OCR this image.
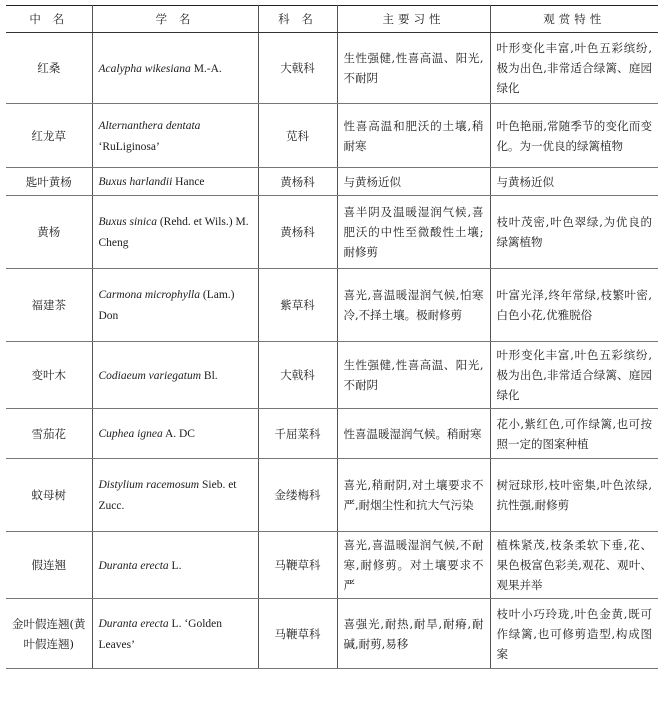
中 名	学 名	科 名	主要习性	观赏特性
红桑	Acalypha wikesiana M.-A.	大戟科	生性强健,性喜高温、阳光,不耐阴	叶形变化丰富,叶色五彩缤纷,极为出色,非常适合绿篱、庭园绿化
红龙草	Alternanthera dentata ‘RuLiginosa’	苋科	性喜高温和肥沃的土壤,稍耐寒	叶色艳丽,常随季节的变化而变化。为一优良的绿篱植物
匙叶黄杨	Buxus harlandii Hance	黄杨科	与黄杨近似	与黄杨近似
黄杨	Buxus sinica (Rehd. et Wils.) M. Cheng	黄杨科	喜半阴及温暖湿润气候,喜肥沃的中性至微酸性土壤;耐修剪	枝叶茂密,叶色翠绿,为优良的绿篱植物
福建茶	Carmona microphylla (Lam.) Don	紫草科	喜光,喜温暖湿润气候,怕寒冷,不择土壤。极耐修剪	叶富光泽,终年常绿,枝繁叶密,白色小花,优雅脱俗
变叶木	Codiaeum variegatum Bl.	大戟科	生性强健,性喜高温、阳光,不耐阴	叶形变化丰富,叶色五彩缤纷,极为出色,非常适合绿篱、庭园绿化
雪茄花	Cuphea ignea A. DC	千屈菜科	性喜温暖湿润气候。稍耐寒	花小,紫红色,可作绿篱,也可按照一定的图案种植
蚊母树	Distylium racemosum Sieb. et Zucc.	金缕梅科	喜光,稍耐阴,对土壤要求不严,耐烟尘性和抗大气污染	树冠球形,枝叶密集,叶色浓绿,抗性强,耐修剪
假连翘	Duranta erecta L.	马鞭草科	喜光,喜温暖湿润气候,不耐寒,耐修剪。对土壤要求不严	植株紧茂,枝条柔软下垂,花、果色极富色彩美,观花、观叶、观果并举
金叶假连翘(黄叶假连翘)	Duranta erecta L. ‘Golden Leaves’	马鞭草科	喜强光,耐热,耐旱,耐瘠,耐碱,耐剪,易移	枝叶小巧玲珑,叶色金黄,既可作绿篱,也可修剪造型,构成图案
